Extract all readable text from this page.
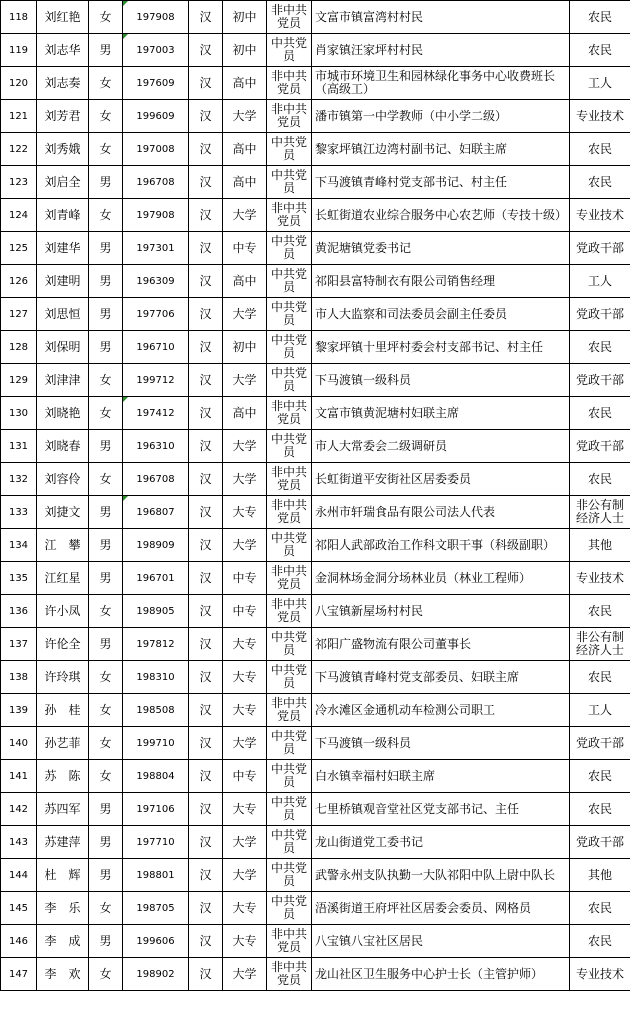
118	刘红艳	女	197908	汉	初中	非中共党员	文富市镇富湾村村民	农民
119	刘志华	男	197003	汉	初中	中共党员	肖家镇汪家坪村村民	农民
120	刘志奏	女	197609	汉	高中	非中共党员	市城市环境卫生和园林绿化事务中心收费班长（高级工）	工人
121	刘芳君	女	199609	汉	大学	非中共党员	潘市镇第一中学教师（中小学二级）	专业技术
122	刘秀娥	女	197008	汉	高中	中共党员	黎家坪镇江边湾村副书记、妇联主席	农民
123	刘启全	男	196708	汉	高中	中共党员	下马渡镇青峰村党支部书记、村主任	农民
124	刘青峰	女	197908	汉	大学	非中共党员	长虹街道农业综合服务中心农艺师（专技十级）	专业技术
125	刘建华	男	197301	汉	中专	中共党员	黄泥塘镇党委书记	党政干部
126	刘建明	男	196309	汉	高中	中共党员	祁阳县富特制衣有限公司销售经理	工人
127	刘思恒	男	197706	汉	大学	中共党员	市人大监察和司法委员会副主任委员	党政干部
128	刘保明	男	196710	汉	初中	中共党员	黎家坪镇十里坪村委会村支部书记、村主任	农民
129	刘津津	女	199712	汉	大学	中共党员	下马渡镇一级科员	党政干部
130	刘晓艳	女	197412	汉	高中	非中共党员	文富市镇黄泥塘村妇联主席	农民
131	刘晓春	男	196310	汉	大学	中共党员	市人大常委会二级调研员	党政干部
132	刘容伶	女	196708	汉	大学	非中共党员	长虹街道平安街社区居委委员	农民
133	刘捷文	男	196807	汉	大专	非中共党员	永州市轩瑞食品有限公司法人代表	非公有制经济人士
134	江　攀	男	198909	汉	大学	中共党员	祁阳人武部政治工作科文职干事（科级副职）	其他
135	江红星	男	196701	汉	中专	非中共党员	金洞林场金洞分场林业员（林业工程师）	专业技术
136	许小凤	女	198905	汉	中专	非中共党员	八宝镇新屋场村村民	农民
137	许伦全	男	197812	汉	大专	中共党员	祁阳广盛物流有限公司董事长	非公有制经济人士
138	许玲琪	女	198310	汉	大专	中共党员	下马渡镇青峰村党支部委员、妇联主席	农民
139	孙　桂	女	198508	汉	大专	非中共党员	冷水滩区金通机动车检测公司职工	工人
140	孙艺菲	女	199710	汉	大学	中共党员	下马渡镇一级科员	党政干部
141	苏　陈	女	198804	汉	中专	中共党员	白水镇幸福村妇联主席	农民
142	苏四军	男	197106	汉	大专	中共党员	七里桥镇观音堂社区党支部书记、主任	农民
143	苏建萍	男	197710	汉	大学	中共党员	龙山街道党工委书记	党政干部
144	杜　辉	男	198801	汉	大学	中共党员	武警永州支队执勤一大队祁阳中队上尉中队长	其他
145	李　乐	女	198705	汉	大专	中共党员	浯溪街道王府坪社区居委会委员、网格员	农民
146	李　成	男	199606	汉	大专	非中共党员	八宝镇八宝社区居民	农民
147	李　欢	女	198902	汉	大学	非中共党员	龙山社区卫生服务中心护士长（主管护师）	专业技术
